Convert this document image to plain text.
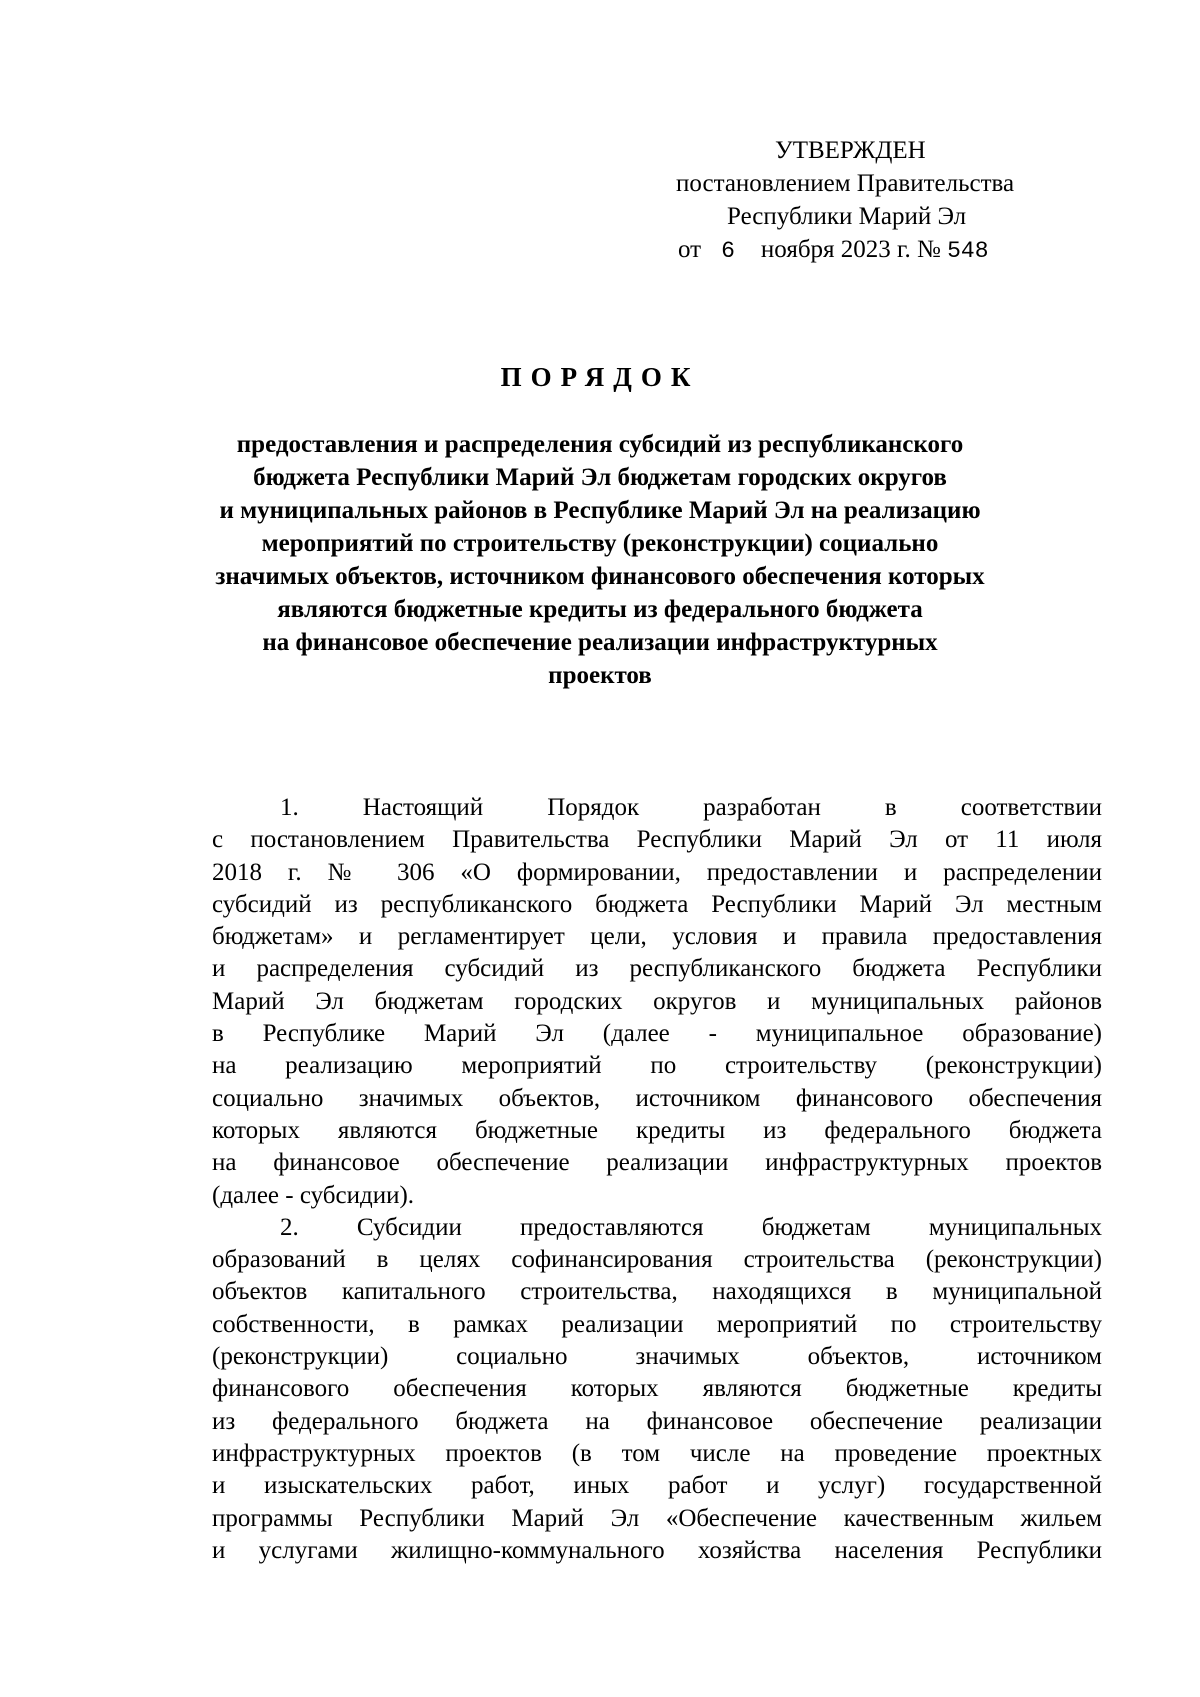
УТВЕРЖДЕН
постановлением Правительства
Республики Марий Эл
от 6 ноября 2023 г. № 548
ПОРЯДОК
предоставления и распределения субсидий из республиканского
бюджета Республики Марий Эл бюджетам городских округов
и муниципальных районов в Республике Марий Эл на реализацию
мероприятий по строительству (реконструкции) социально
значимых объектов, источником финансового обеспечения которых
являются бюджетные кредиты из федерального бюджета
на финансовое обеспечение реализации инфраструктурных
проектов
1. Настоящий Порядок разработан в соответствии
с постановлением Правительства Республики Марий Эл от 11 июля
2018 г. № 306 «О формировании, предоставлении и распределении
субсидий из республиканского бюджета Республики Марий Эл местным
бюджетам» и регламентирует цели, условия и правила предоставления
и распределения субсидий из республиканского бюджета Республики
Марий Эл бюджетам городских округов и муниципальных районов
в Республике Марий Эл (далее - муниципальное образование)
на реализацию мероприятий по строительству (реконструкции)
социально значимых объектов, источником финансового обеспечения
которых являются бюджетные кредиты из федерального бюджета
на финансовое обеспечение реализации инфраструктурных проектов
(далее - субсидии).
2. Субсидии предоставляются бюджетам муниципальных
образований в целях софинансирования строительства (реконструкции)
объектов капитального строительства, находящихся в муниципальной
собственности, в рамках реализации мероприятий по строительству
(реконструкции) социально значимых объектов, источником
финансового обеспечения которых являются бюджетные кредиты
из федерального бюджета на финансовое обеспечение реализации
инфраструктурных проектов (в том числе на проведение проектных
и изыскательских работ, иных работ и услуг) государственной
программы Республики Марий Эл «Обеспечение качественным жильем
и услугами жилищно-коммунального хозяйства населения Республики
